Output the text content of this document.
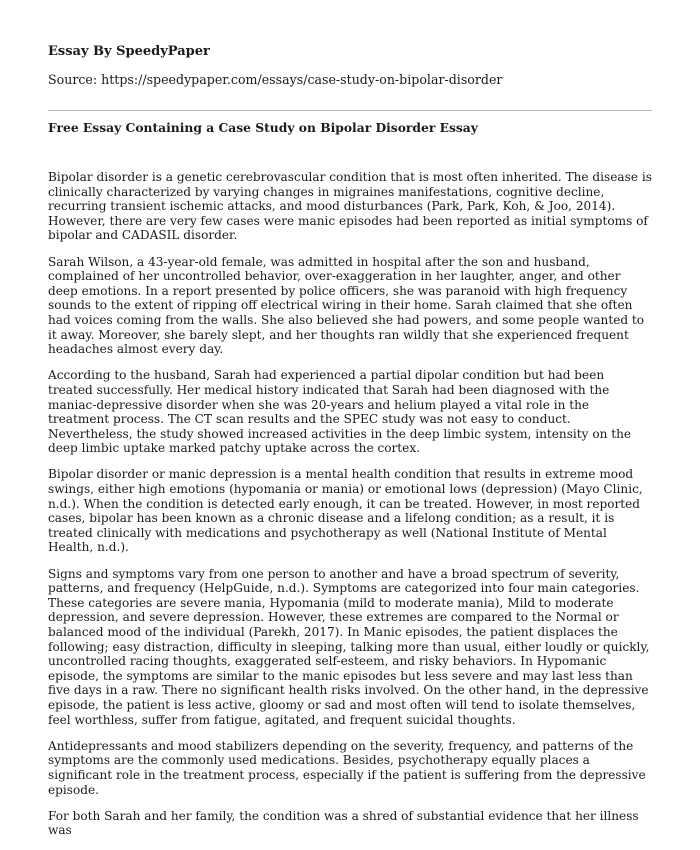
Essay By SpeedyPaper
Source: https://speedypaper.com/essays/case-study-on-bipolar-disorder
Free Essay Containing a Case Study on Bipolar Disorder Essay

Bipolar disorder is a genetic cerebrovascular condition that is most often inherited. The disease is clinically characterized by varying changes in migraines manifestations, cognitive decline, recurring transient ischemic attacks, and mood disturbances (Park, Park, Koh, & Joo, 2014). However, there are very few cases were manic episodes had been reported as initial symptoms of bipolar and CADASIL disorder.

Sarah Wilson, a 43-year-old female, was admitted in hospital after the son and husband, complained of her uncontrolled behavior, over-exaggeration in her laughter, anger, and other deep emotions. In a report presented by police officers, she was paranoid with high frequency sounds to the extent of ripping off electrical wiring in their home. Sarah claimed that she often had voices coming from the walls. She also believed she had powers, and some people wanted to it away. Moreover, she barely slept, and her thoughts ran wildly that she experienced frequent headaches almost every day.

According to the husband, Sarah had experienced a partial dipolar condition but had been treated successfully. Her medical history indicated that Sarah had been diagnosed with the maniac-depressive disorder when she was 20-years and helium played a vital role in the treatment process. The CT scan results and the SPEC study was not easy to conduct. Nevertheless, the study showed increased activities in the deep limbic system, intensity on the deep limbic uptake marked patchy uptake across the cortex.

Bipolar disorder or manic depression is a mental health condition that results in extreme mood swings, either high emotions (hypomania or mania) or emotional lows (depression) (Mayo Clinic, n.d.). When the condition is detected early enough, it can be treated. However, in most reported cases, bipolar has been known as a chronic disease and a lifelong condition; as a result, it is treated clinically with medications and psychotherapy as well (National Institute of Mental Health, n.d.).

Signs and symptoms vary from one person to another and have a broad spectrum of severity, patterns, and frequency (HelpGuide, n.d.). Symptoms are categorized into four main categories. These categories are severe mania, Hypomania (mild to moderate mania), Mild to moderate depression, and severe depression. However, these extremes are compared to the Normal or balanced mood of the individual (Parekh, 2017). In Manic episodes, the patient displaces the following; easy distraction, difficulty in sleeping, talking more than usual, either loudly or quickly, uncontrolled racing thoughts, exaggerated self-esteem, and risky behaviors. In Hypomanic episode, the symptoms are similar to the manic episodes but less severe and may last less than five days in a raw. There no significant health risks involved. On the other hand, in the depressive episode, the patient is less active, gloomy or sad and most often will tend to isolate themselves, feel worthless, suffer from fatigue, agitated, and frequent suicidal thoughts.

Antidepressants and mood stabilizers depending on the severity, frequency, and patterns of the symptoms are the commonly used medications. Besides, psychotherapy equally places a significant role in the treatment process, especially if the patient is suffering from the depressive episode.

For both Sarah and her family, the condition was a shred of substantial evidence that her illness was
